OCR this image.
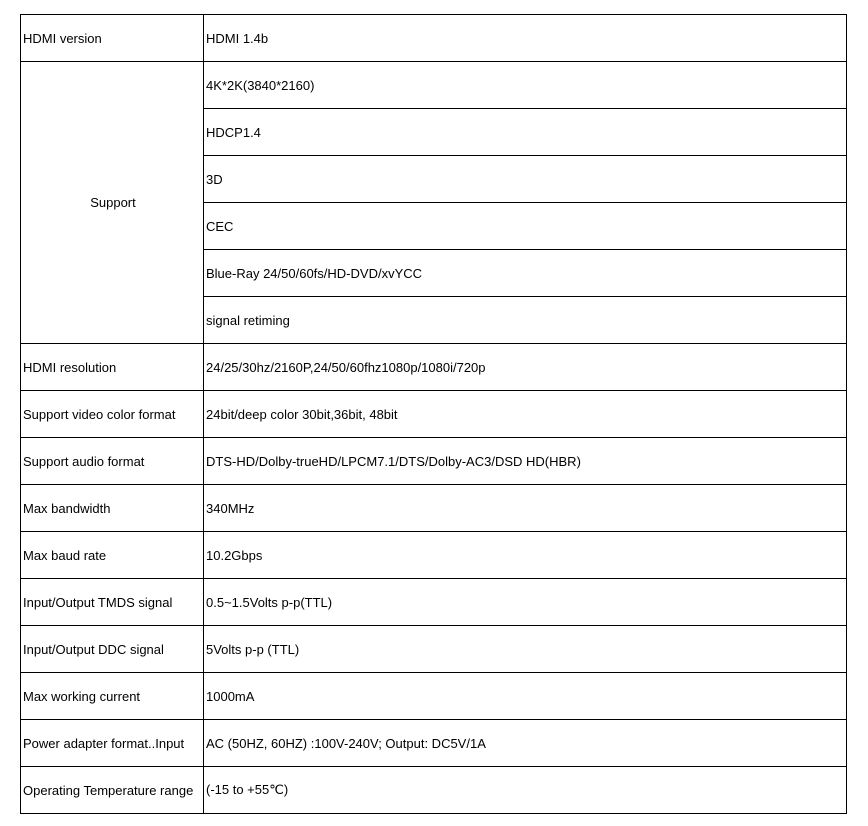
HDMI version	HDMI 1.4b
Support	4K*2K(3840*2160)
	HDCP1.4
	3D
	CEC
	Blue-Ray 24/50/60fs/HD-DVD/xvYCC
	signal retiming
HDMI resolution	24/25/30hz/2160P,24/50/60fhz1080p/1080i/720p
Support video color format	24bit/deep color 30bit,36bit, 48bit
Support audio format	DTS-HD/Dolby-trueHD/LPCM7.1/DTS/Dolby-AC3/DSD HD(HBR)
Max bandwidth	340MHz
Max baud rate	10.2Gbps
Input/Output TMDS signal	0.5~1.5Volts p-p(TTL)
Input/Output DDC signal	5Volts p-p (TTL)
Max working current	1000mA
Power adapter format..Input	AC (50HZ, 60HZ) :100V-240V; Output: DC5V/1A
Operating Temperature range	(-15 to +55℃)
